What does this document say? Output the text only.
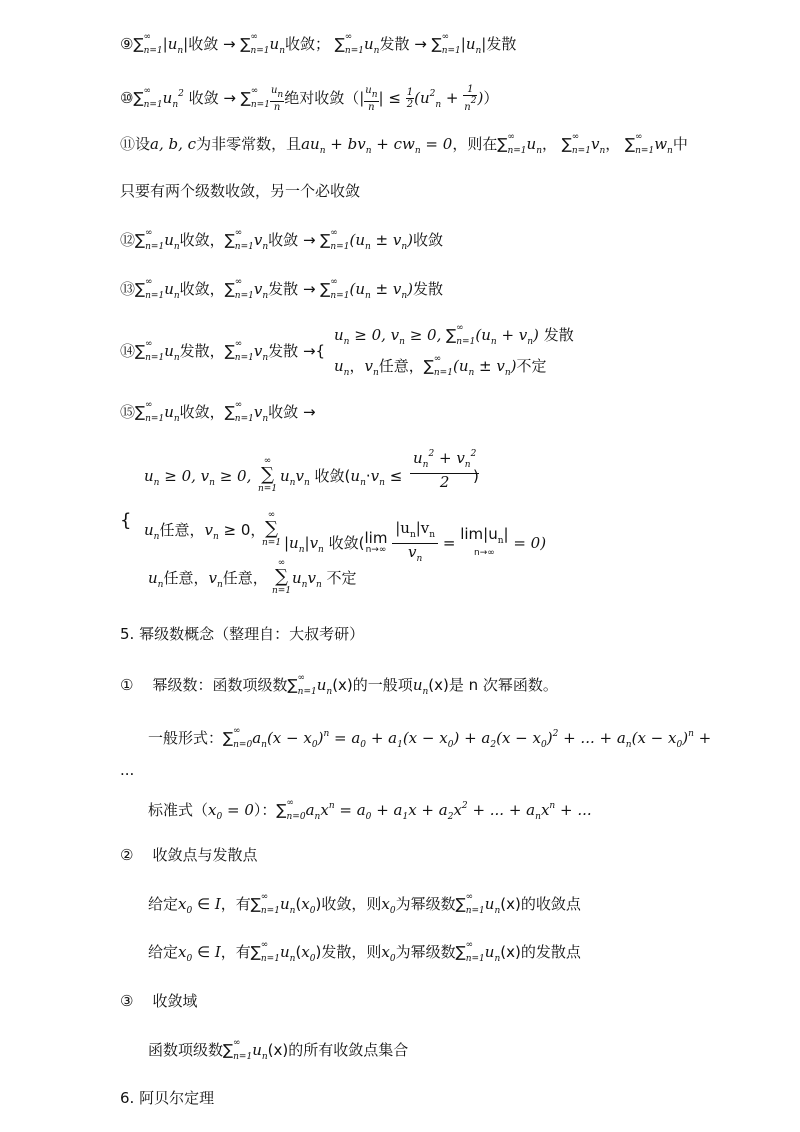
⑨∑ ∞
$_{n=1}|u_n|$收敛 → ∑ ∞
$_{n=1}u_n$收敛； ∑ ∞
$_{n=1}u_n$发散 → ∑ ∞
$_{n=1}|u_n|$发散
⑩∑ ∞
$_{n=1}u_n^2$ 收敛 → ∑ ∞
$_{n=1} \frac{u_n}{n}$ 绝对收敛（| $\frac{u_n}{n}$ | ≤ $\frac{1}{2} (u^2_n + \frac{1}{n^2}$ )）
⑪设a, b, c为非零常数，且$au_n + bv_n + cw_n = 0$，则在∑ ∞
$_{n=1}u_n$， ∑ ∞
$_{n=1}v_n$， ∑ ∞
$_{n=1}w_n$中
只要有两个级数收敛，另一个必收敛
⑫∑ ∞
$_{n=1}u_n$收敛，∑ ∞
$_{n=1}v_n$收敛 → ∑ ∞
$_{n=1}(u_n \pm v_n)$收敛
⑬∑ ∞
$_{n=1}u_n$收敛，∑ ∞
$_{n=1}v_n$发散 → ∑ ∞
$_{n=1}(u_n \pm v_n)$发散
⑭∑ ∞
$_{n=1}u_n$发散，∑ ∞
$_{n=1}v_n$发散 →{
$u_n \ge 0$, $v_n \ge 0$, ∑ ∞
$_{n=1}(u_n + v_n)$ 发散
$u_n$，$v_n$任意，∑ ∞
$_{n=1}(u_n \pm v_n)$不定
⑮∑ ∞
$_{n=1}u_n$收敛，∑ ∞
$_{n=1}v_n$收敛 →
{
$u_n \ge 0$, $v_n \ge 0$,
∞
∑
n=1
$u_nv_n$ 收敛($u_n\cdot v_n$ ≤
$u_n^2 + v_n^2$
2	)
$u_n$任意，$v_n \ge 0$，
∞
∑
n=1 $|u_n|v_n$ 收敛(lim
n→∞
$\frac{|u_n|v_n}{v_n} = \lim|u_n|$
n→∞
= 0)
$u_n$任意，$v_n$任意，
∞
∑
n=1
$u_nv_n$ 不定
5. 幂级数概念（整理自：大叔考研）
① 幂级数：函数项级数∑ ∞
$_{n=1}u_n(x)$的一般项$u_n(x)$是 n 次幂函数。
一般形式：∑ ∞
$_{n=0}a_n(x - x_0)^n = a_0 + a_1(x - x_0) + a_2(x - x_0)^2$ + ... + $a_n(x - x_0)^n$ +
...
标准式$(x_0 = 0)$：∑ ∞
$_{n=0}a_nx^n = a_0 + a_1x + a_2x^2$ + ... + $a_nx^n$ + ...
② 收敛点与发散点
给定$x_0$ ∈ I，有∑ ∞
$_{n=1}u_n(x_0)$收敛，则$x_0$为幂级数∑ ∞
$_{n=1}u_n(x)$的收敛点
给定$x_0$ ∈ I，有∑ ∞
$_{n=1}u_n(x_0)$发散，则$x_0$为幂级数∑ ∞
$_{n=1}u_n(x)$的发散点
③ 收敛域
函数项级数∑ ∞
$_{n=1}u_n(x)$的所有收敛点集合
6. 阿贝尔定理
